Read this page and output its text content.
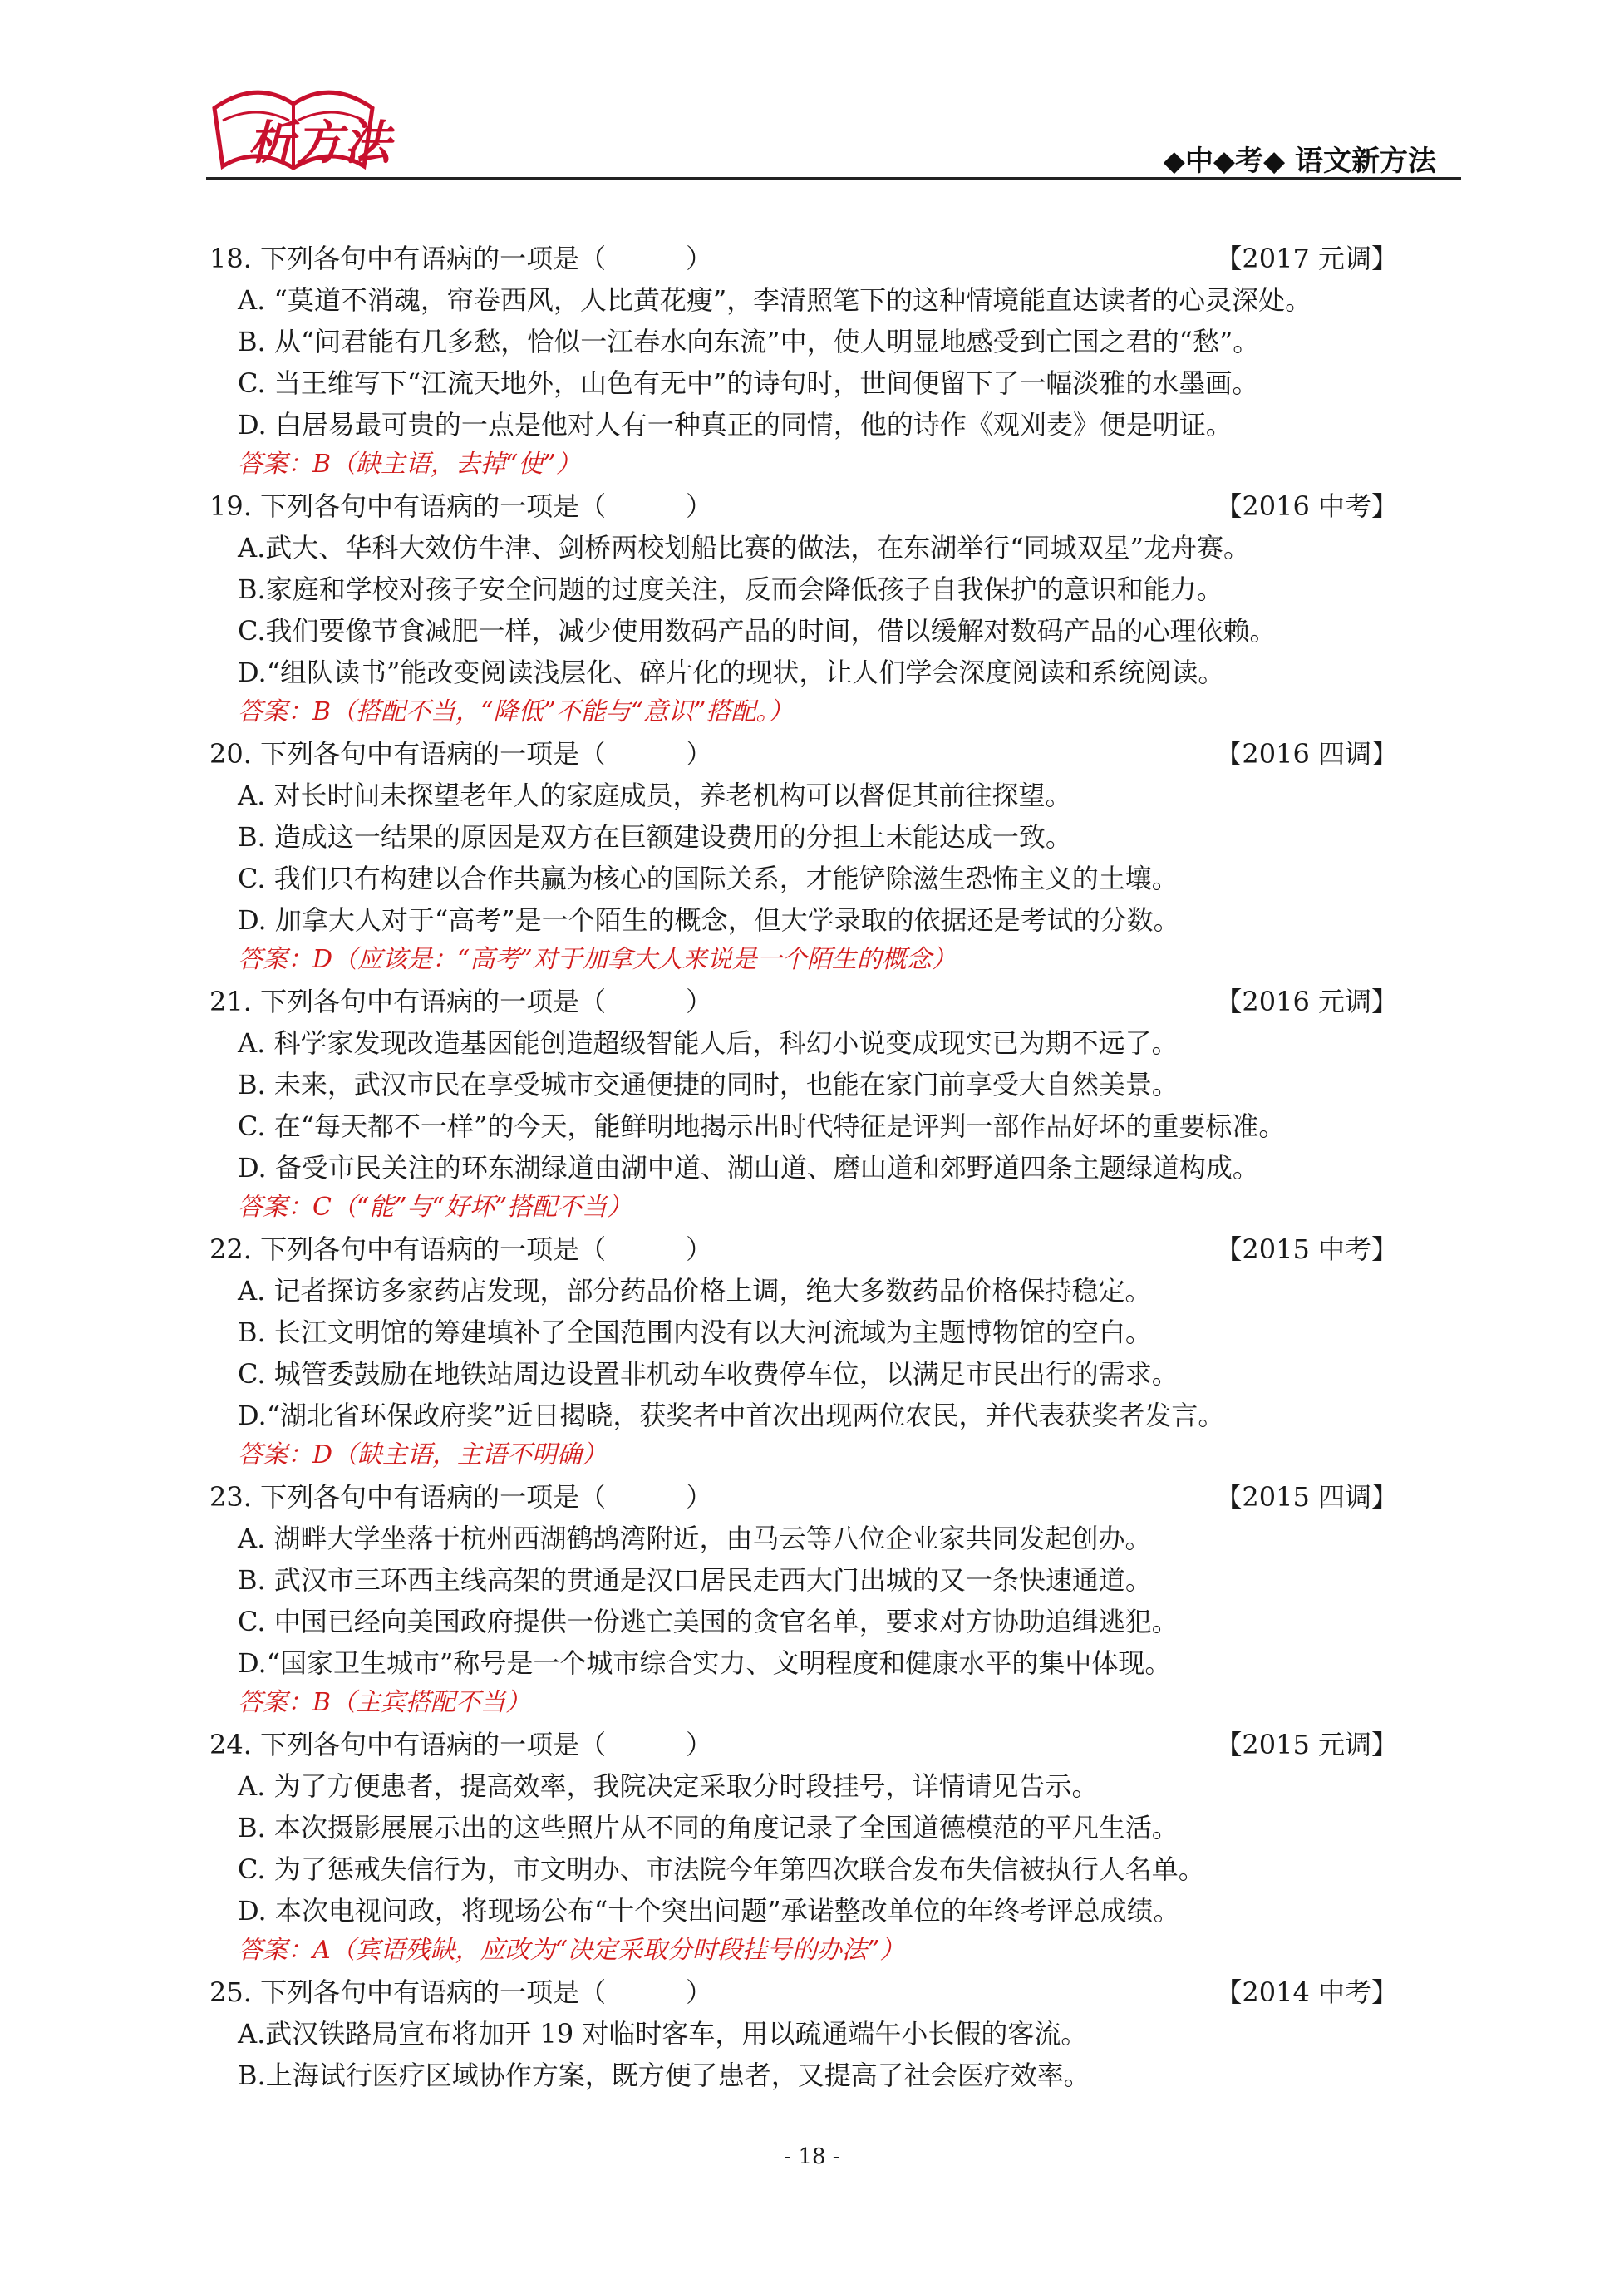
析方法	◆中◆考◆ 语文新方法
18. 下列各句中有语病的一项是（　　　）	【2017 元调】
A. “莫道不消魂，帘卷西风，人比黄花瘦”，李清照笔下的这种情境能直达读者的心灵深处。
B. 从“问君能有几多愁，恰似一江春水向东流”中，使人明显地感受到亡国之君的“愁”。
C. 当王维写下“江流天地外，山色有无中”的诗句时，世间便留下了一幅淡雅的水墨画。
D. 白居易最可贵的一点是他对人有一种真正的同情，他的诗作《观刈麦》便是明证。
答案：B（缺主语，去掉“使”）
19. 下列各句中有语病的一项是（　　　）	【2016 中考】
A.武大、华科大效仿牛津、剑桥两校划船比赛的做法，在东湖举行“同城双星”龙舟赛。
B.家庭和学校对孩子安全问题的过度关注，反而会降低孩子自我保护的意识和能力。
C.我们要像节食减肥一样，减少使用数码产品的时间，借以缓解对数码产品的心理依赖。
D.“组队读书”能改变阅读浅层化、碎片化的现状，让人们学会深度阅读和系统阅读。
答案：B（搭配不当，“降低”不能与“意识”搭配。）
20. 下列各句中有语病的一项是（　　　）	【2016 四调】
A. 对长时间未探望老年人的家庭成员，养老机构可以督促其前往探望。
B. 造成这一结果的原因是双方在巨额建设费用的分担上未能达成一致。
C. 我们只有构建以合作共赢为核心的国际关系，才能铲除滋生恐怖主义的土壤。
D. 加拿大人对于“高考”是一个陌生的概念，但大学录取的依据还是考试的分数。
答案：D（应该是：“高考”对于加拿大人来说是一个陌生的概念）
21. 下列各句中有语病的一项是（　　　）	【2016 元调】
A. 科学家发现改造基因能创造超级智能人后，科幻小说变成现实已为期不远了。
B. 未来，武汉市民在享受城市交通便捷的同时，也能在家门前享受大自然美景。
C. 在“每天都不一样”的今天，能鲜明地揭示出时代特征是评判一部作品好坏的重要标准。
D. 备受市民关注的环东湖绿道由湖中道、湖山道、磨山道和郊野道四条主题绿道构成。
答案：C（“能”与“好坏”搭配不当）
22. 下列各句中有语病的一项是（　　　）	【2015 中考】
A. 记者探访多家药店发现，部分药品价格上调，绝大多数药品价格保持稳定。
B. 长江文明馆的筹建填补了全国范围内没有以大河流域为主题博物馆的空白。
C. 城管委鼓励在地铁站周边设置非机动车收费停车位，以满足市民出行的需求。
D.“湖北省环保政府奖”近日揭晓，获奖者中首次出现两位农民，并代表获奖者发言。
答案：D（缺主语，主语不明确）
23. 下列各句中有语病的一项是（　　　）	【2015 四调】
A. 湖畔大学坐落于杭州西湖鹤鸪湾附近，由马云等八位企业家共同发起创办。
B. 武汉市三环西主线高架的贯通是汉口居民走西大门出城的又一条快速通道。
C. 中国已经向美国政府提供一份逃亡美国的贪官名单，要求对方协助追缉逃犯。
D.“国家卫生城市”称号是一个城市综合实力、文明程度和健康水平的集中体现。
答案：B（主宾搭配不当）
24. 下列各句中有语病的一项是（　　　）	【2015 元调】
A. 为了方便患者，提高效率，我院决定采取分时段挂号，详情请见告示。
B. 本次摄影展展示出的这些照片从不同的角度记录了全国道德模范的平凡生活。
C. 为了惩戒失信行为，市文明办、市法院今年第四次联合发布失信被执行人名单。
D. 本次电视问政，将现场公布“十个突出问题”承诺整改单位的年终考评总成绩。
答案：A（宾语残缺，应改为“决定采取分时段挂号的办法”）
25. 下列各句中有语病的一项是（　　　）	【2014 中考】
A.武汉铁路局宣布将加开 19 对临时客车，用以疏通端午小长假的客流。
B.上海试行医疗区域协作方案，既方便了患者，又提高了社会医疗效率。
- 18 -
